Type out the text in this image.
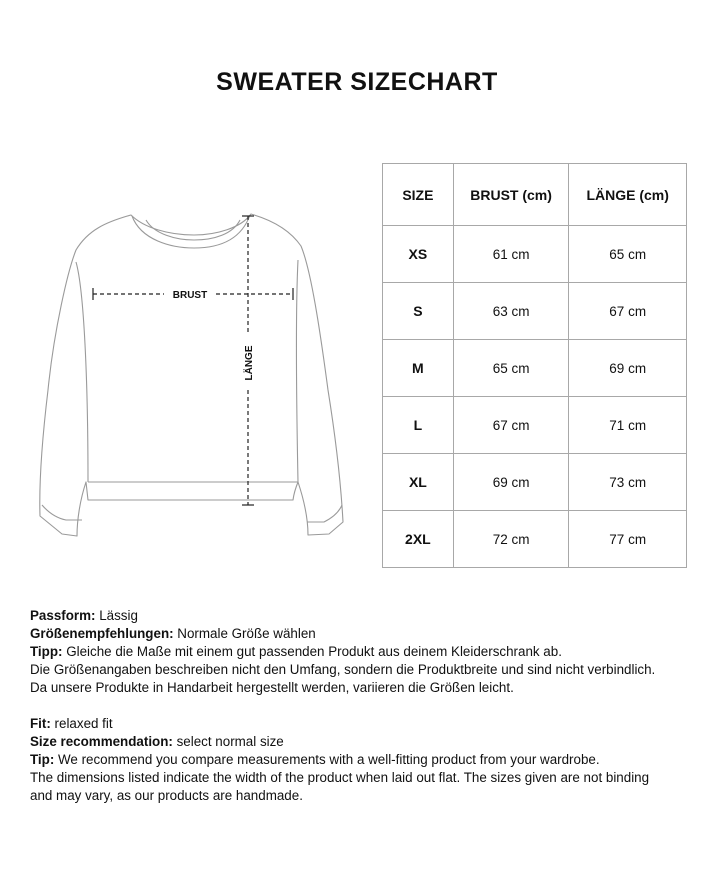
SWEATER SIZECHART
BRUST
LÄNGE
SIZE	BRUST (cm)	LÄNGE (cm)
XS	61 cm	65 cm
S	63 cm	67 cm
M	65 cm	69 cm
L	67 cm	71 cm
XL	69 cm	73 cm
2XL	72 cm	77 cm
Passform: Lässig
Größenempfehlungen: Normale Größe wählen
Tipp: Gleiche die Maße mit einem gut passenden Produkt aus deinem Kleiderschrank ab.
Die Größenangaben beschreiben nicht den Umfang, sondern die Produktbreite und sind nicht verbindlich.
Da unsere Produkte in Handarbeit hergestellt werden, variieren die Größen leicht.
Fit: relaxed fit
Size recommendation: select normal size
Tip: We recommend you compare measurements with a well-fitting product from your wardrobe.
The dimensions listed indicate the width of the product when laid out flat. The sizes given are not binding
and may vary, as our products are handmade.
